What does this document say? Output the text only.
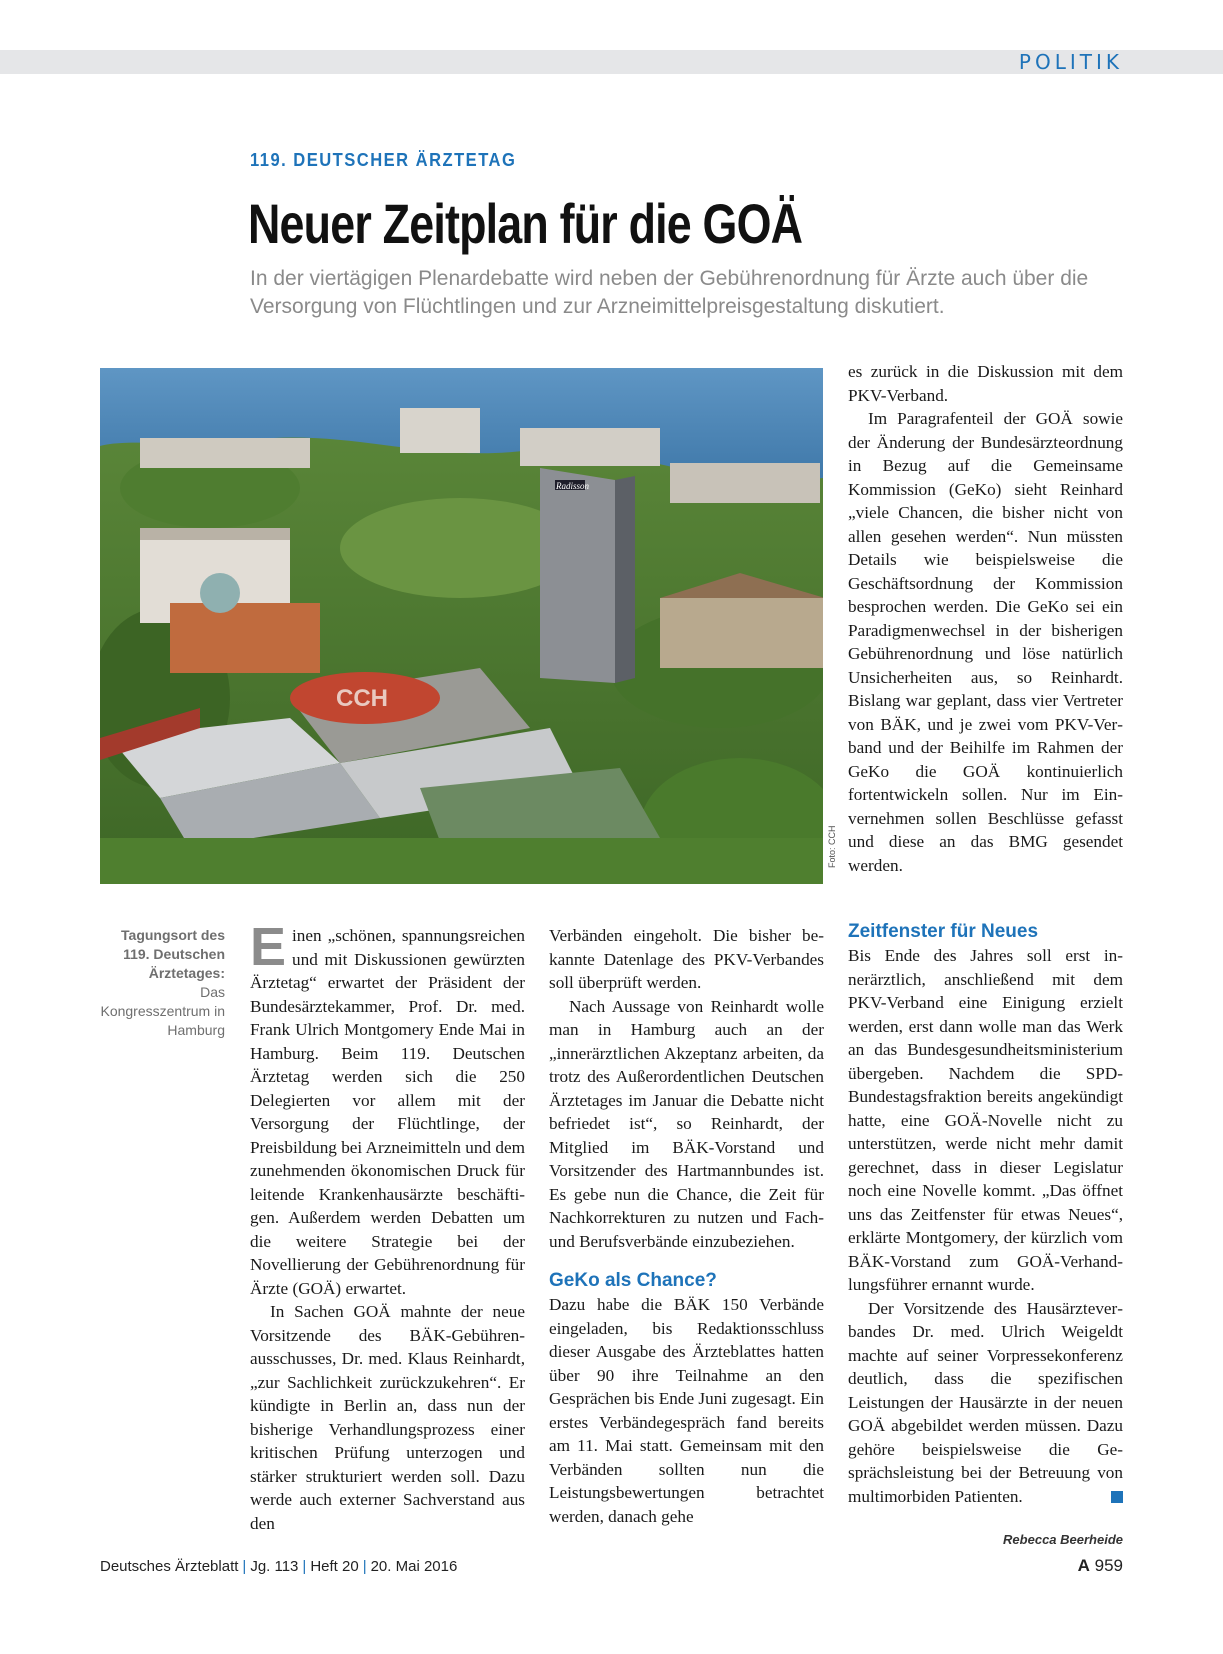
POLITIK
119. DEUTSCHER ÄRZTETAG
Neuer Zeitplan für die GOÄ
In der viertägigen Plenardebatte wird neben der Gebührenordnung für Ärzte auch über die Versorgung von Flüchtlingen und zur Arzneimittelpreisgestaltung diskutiert.
Radisson
CCH
Foto: CCH
Tagungsort des 119. Deutschen Ärztetages:
Das Kongresszentrum in Hamburg

Einen „schönen, spannungsreichen und mit Diskussionen gewürzten Ärztetag“ erwartet der Präsident der Bundesärztekammer, Prof. Dr. med. Frank Ulrich Montgomery Ende Mai in Hamburg. Beim 119. Deutschen Ärztetag werden sich die 250 Delegierten vor allem mit der Versorgung der Flüchtlinge, der Preisbildung bei Arzneimitteln und dem zunehmenden ökonomischen Druck für leitende Krankenhausärzte beschäftigen. Außerdem werden Debatten um die weitere Strategie bei der Novellierung der Gebührenordnung für Ärzte (GOÄ) erwartet.

In Sachen GOÄ mahnte der neue Vorsitzende des BÄK-Gebührenausschusses, Dr. med. Klaus Reinhardt, „zur Sachlichkeit zurückzukehren“. Er kündigte in Berlin an, dass nun der bisherige Verhandlungsprozess einer kritischen Prüfung unterzogen und stärker strukturiert werden soll. Dazu werde auch externer Sachverstand aus den

Verbänden eingeholt. Die bisher bekannte Datenlage des PKV-Verbandes soll überprüft werden.

Nach Aussage von Reinhardt wolle man in Hamburg auch an der „innerärztlichen Akzeptanz arbeiten, da trotz des Außerordentlichen Deutschen Ärztetages im Januar die Debatte nicht befriedet ist“, so Reinhardt, der Mitglied im BÄK-Vorstand und Vorsitzender des Hartmannbundes ist. Es gebe nun die Chance, die Zeit für Nachkorrekturen zu nutzen und Fach- und Berufsverbände einzubeziehen.

GeKo als Chance?

Dazu habe die BÄK 150 Verbände eingeladen, bis Redaktionsschluss dieser Ausgabe des Ärzteblattes hatten über 90 ihre Teilnahme an den Gesprächen bis Ende Juni zugesagt. Ein erstes Verbändegespräch fand bereits am 11. Mai statt. Gemeinsam mit den Verbänden sollten nun die Leistungsbewertungen betrachtet werden, danach gehe

es zurück in die Diskussion mit dem PKV-Verband.

Im Paragrafenteil der GOÄ sowie der Änderung der Bundesärzteordnung in Bezug auf die Gemeinsame Kommission (GeKo) sieht Reinhard „viele Chancen, die bisher nicht von allen gesehen werden“. Nun müssten Details wie beispielsweise die Geschäftsordnung der Kommission besprochen werden. Die GeKo sei ein Paradigmenwechsel in der bisherigen Gebührenordnung und löse natürlich Unsicherheiten aus, so Reinhardt. Bislang war geplant, dass vier Vertreter von BÄK, und je zwei vom PKV-Verband und der Beihilfe im Rahmen der GeKo die GOÄ kontinuierlich fortentwickeln sollen. Nur im Einvernehmen sollen Beschlüsse gefasst und diese an das BMG gesendet werden.

Zeitfenster für Neues

Bis Ende des Jahres soll erst innerärztlich, anschließend mit dem PKV-Verband eine Einigung erzielt werden, erst dann wolle man das Werk an das Bundesgesundheitsministerium übergeben. Nachdem die SPD-Bundestagsfraktion bereits angekündigt hatte, eine GOÄ-Novelle nicht zu unterstützen, werde nicht mehr damit gerechnet, dass in dieser Legislatur noch eine Novelle kommt. „Das öffnet uns das Zeitfenster für etwas Neues“, erklärte Montgomery, der kürzlich vom BÄK-Vorstand zum GOÄ-Verhandlungsführer ernannt wurde.

Der Vorsitzende des Hausärzteverbandes Dr. med. Ulrich Weigeldt machte auf seiner Vorpressekonferenz deutlich, dass die spezifischen Leistungen der Hausärzte in der neuen GOÄ abgebildet werden müssen. Dazu gehöre beispielsweise die Gesprächsleistung bei der Betreuung von multimorbiden Patienten.

Rebecca Beerheide
Deutsches Ärzteblatt | Jg. 113 | Heft 20 | 20. Mai 2016	A 959
